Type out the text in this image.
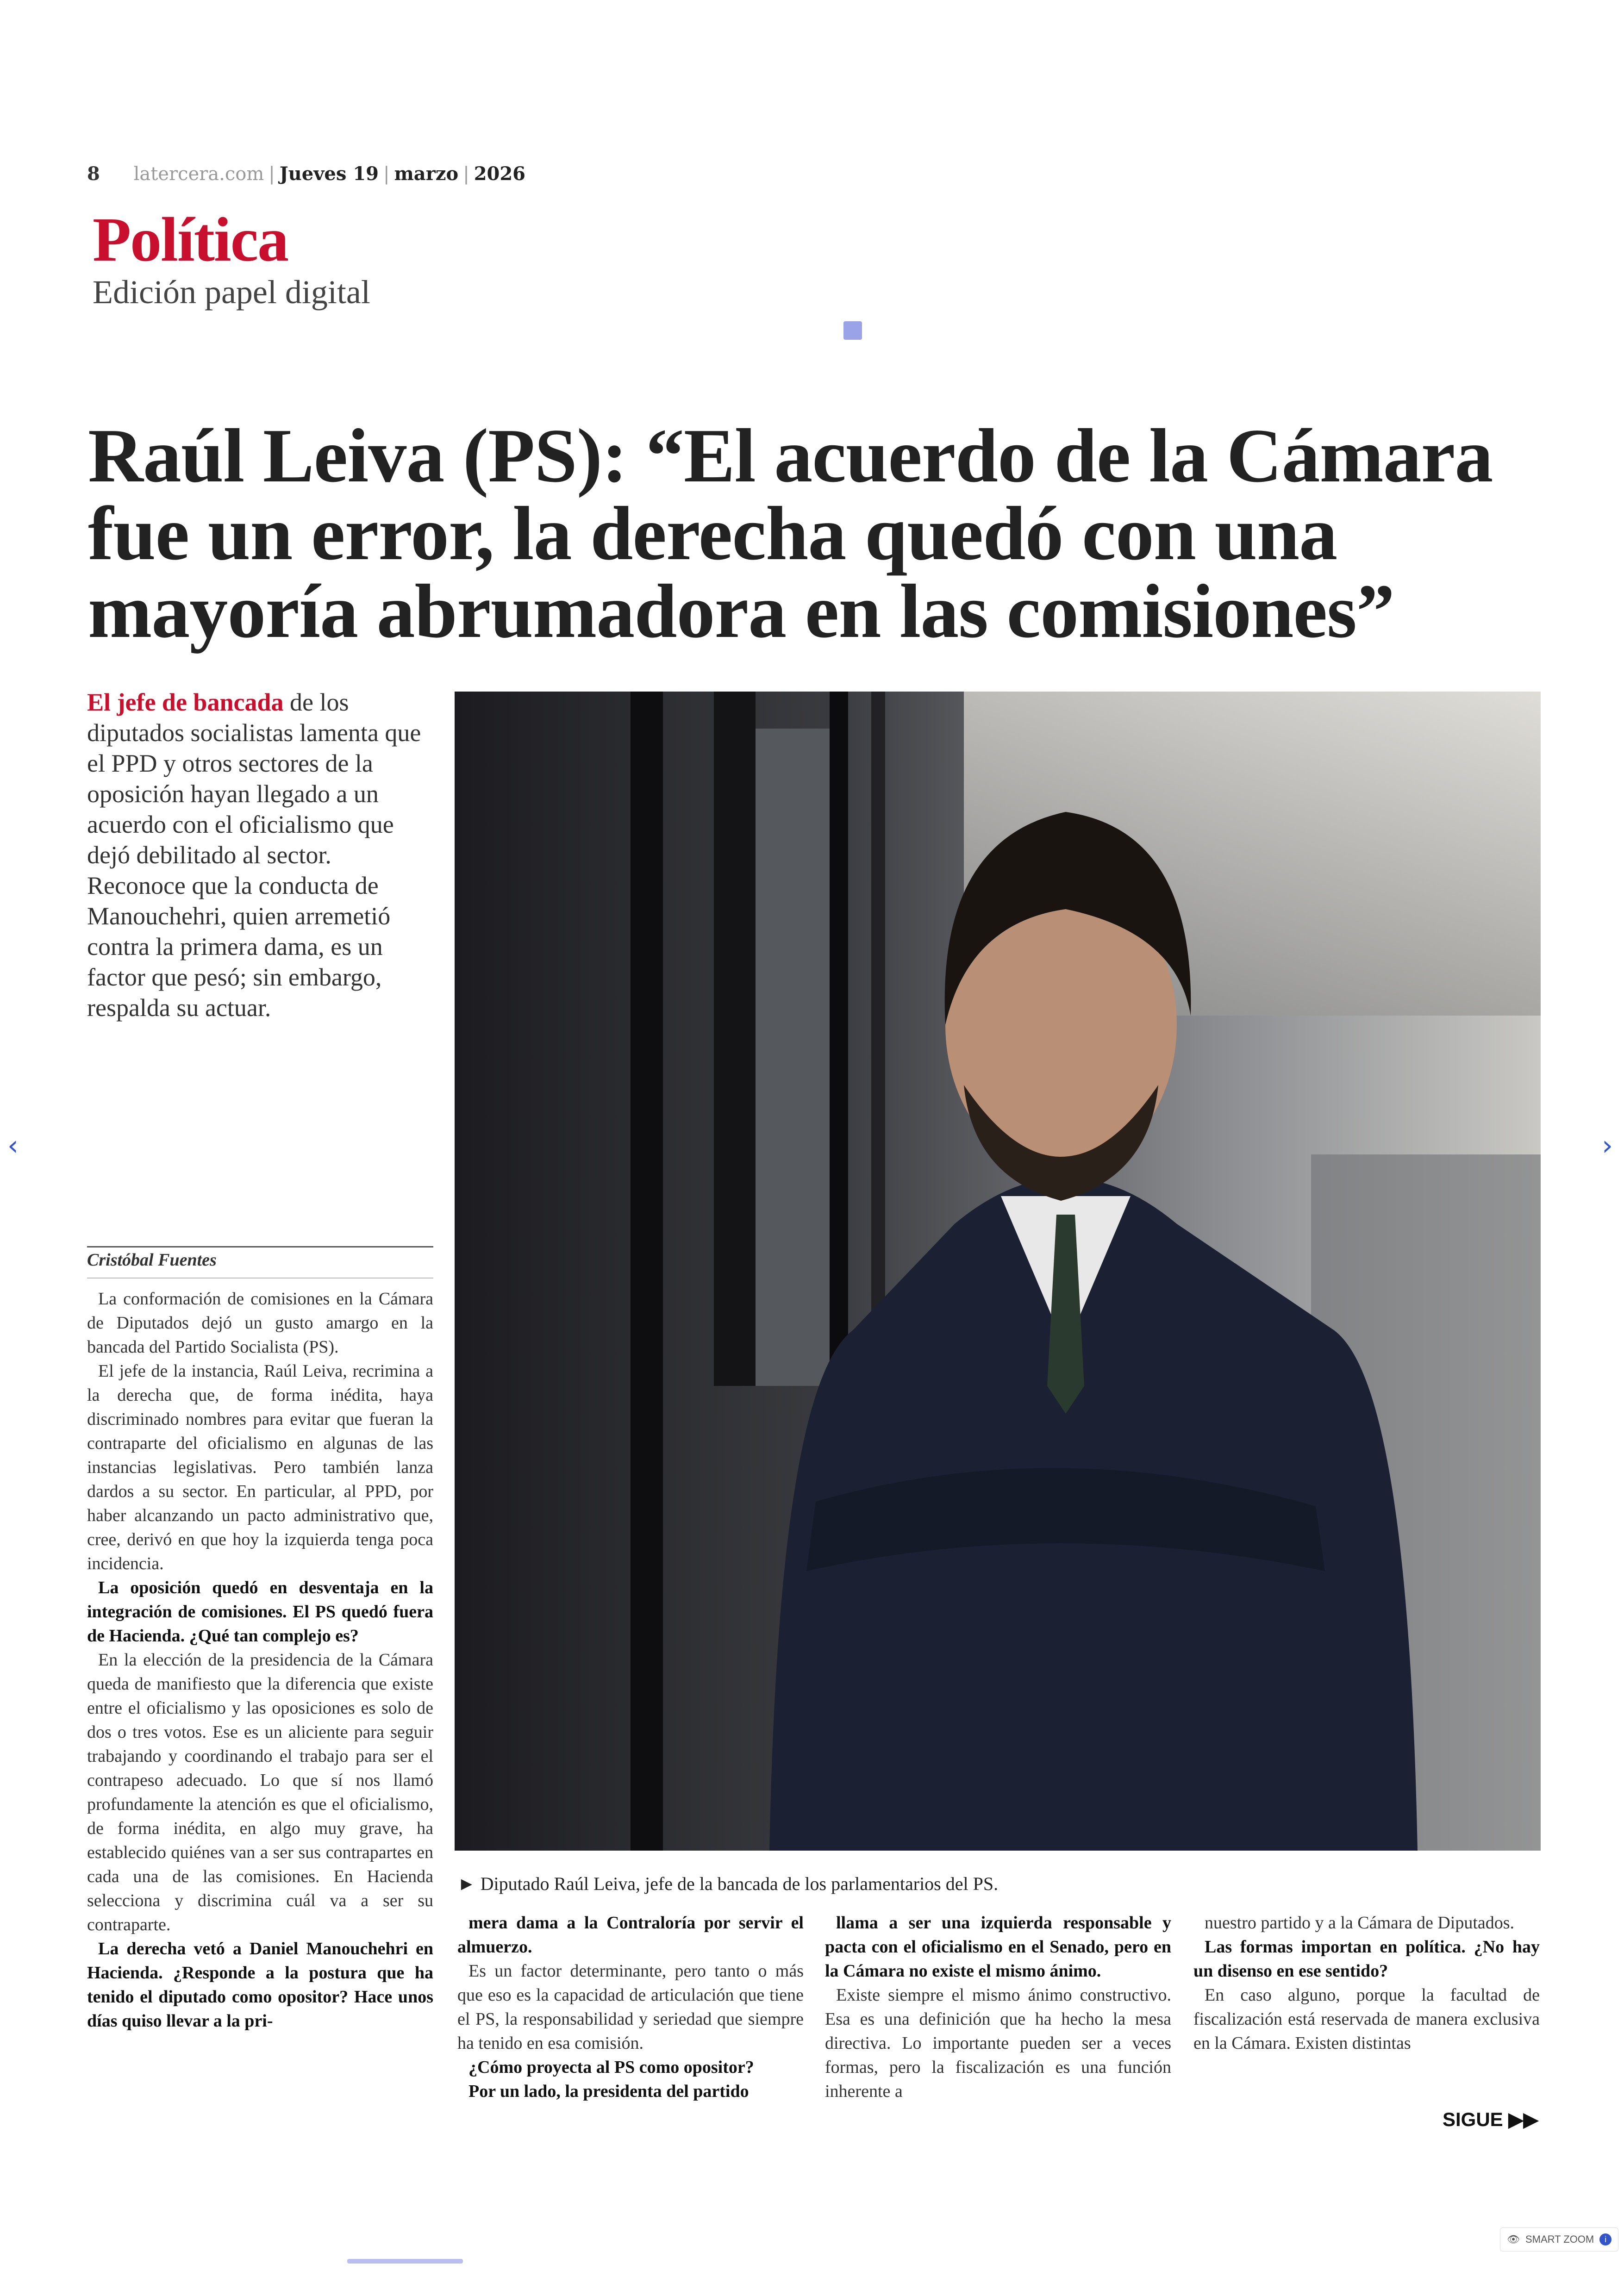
8 latercera.com | Jueves 19 | marzo | 2026
Política
Edición papel digital
Raúl Leiva (PS): “El acuerdo de la Cámara fue un error, la derecha quedó con una mayoría abrumadora en las comisiones”
El jefe de bancada de los diputados socialistas lamenta que el PPD y otros sectores de la oposición hayan llegado a un acuerdo con el oficialismo que dejó debilitado al sector. Reconoce que la conducta de Manouchehri, quien arremetió contra la primera dama, es un factor que pesó; sin embargo, respalda su actuar.
► Diputado Raúl Leiva, jefe de la bancada de los parlamentarios del PS.
Cristóbal Fuentes

La conformación de comisiones en la Cámara de Diputados dejó un gusto amargo en la bancada del Partido Socialista (PS).

El jefe de la instancia, Raúl Leiva, recrimina a la derecha que, de forma inédita, haya discriminado nombres para evitar que fueran la contraparte del oficialismo en algunas de las instancias legislativas. Pero también lanza dardos a su sector. En particular, al PPD, por haber alcanzando un pacto administrativo que, cree, derivó en que hoy la izquierda tenga poca incidencia.

La oposición quedó en desventaja en la integración de comisiones. El PS quedó fuera de Hacienda. ¿Qué tan complejo es?

En la elección de la presidencia de la Cámara queda de manifiesto que la diferencia que existe entre el oficialismo y las oposiciones es solo de dos o tres votos. Ese es un aliciente para seguir trabajando y coordinando el trabajo para ser el contrapeso adecuado. Lo que sí nos llamó profundamente la atención es que el oficialismo, de forma inédita, en algo muy grave, ha establecido quiénes van a ser sus contrapartes en cada una de las comisiones. En Hacienda selecciona y discrimina cuál va a ser su contraparte.

La derecha vetó a Daniel Manouchehri en Hacienda. ¿Responde a la postura que ha tenido el diputado como opositor? Hace unos días quiso llevar a la pri-

mera dama a la Contraloría por servir el almuerzo.

Es un factor determinante, pero tanto o más que eso es la capacidad de articulación que tiene el PS, la responsabilidad y seriedad que siempre ha tenido en esa comisión.

¿Cómo proyecta al PS como opositor?

Por un lado, la presidenta del partido

llama a ser una izquierda responsable y pacta con el oficialismo en el Senado, pero en la Cámara no existe el mismo ánimo.

Existe siempre el mismo ánimo constructivo. Esa es una definición que ha hecho la mesa directiva. Lo importante pueden ser a veces formas, pero la fiscalización es una función inherente a

nuestro partido y a la Cámara de Diputados.

Las formas importan en política. ¿No hay un disenso en ese sentido?

En caso alguno, porque la facultad de fiscalización está reservada de manera exclusiva en la Cámara. Existen distintas

SIGUE ▶▶
‹	›
👁 SMART ZOOM	i
